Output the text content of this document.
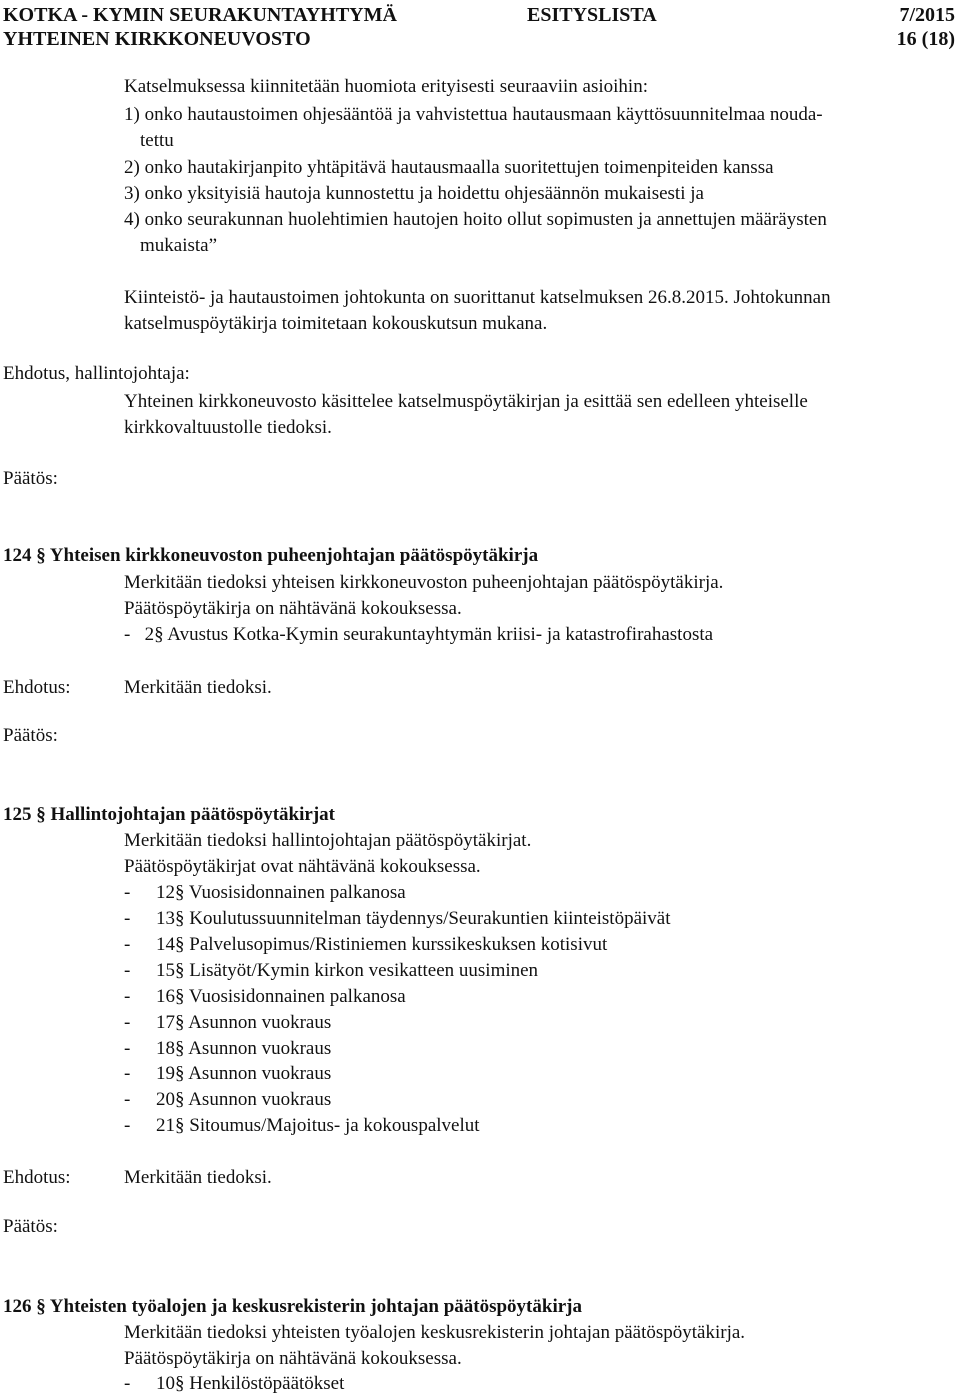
KOTKA - KYMIN SEURAKUNTAYHTYMÄ	ESITYSLISTA	7/2015
YHTEINEN KIRKKONEUVOSTO	16 (18)
Katselmuksessa kiinnitetään huomiota erityisesti seuraaviin asioihin:
1) onko hautaustoimen ohjesääntöä ja vahvistettua hautausmaan käyttösuunnitelmaa nouda-
tettu
2) onko hautakirjanpito yhtäpitävä hautausmaalla suoritettujen toimenpiteiden kanssa
3) onko yksityisiä hautoja kunnostettu ja hoidettu ohjesäännön mukaisesti ja
4) onko seurakunnan huolehtimien hautojen hoito ollut sopimusten ja annettujen määräysten
mukaista”
Kiinteistö- ja hautaustoimen johtokunta on suorittanut katselmuksen 26.8.2015. Johtokunnan
katselmuspöytäkirja toimitetaan kokouskutsun mukana.
Ehdotus, hallintojohtaja:
Yhteinen kirkkoneuvosto käsittelee katselmuspöytäkirjan ja esittää sen edelleen yhteiselle
kirkkovaltuustolle tiedoksi.
Päätös:
124 § Yhteisen kirkkoneuvoston puheenjohtajan päätöspöytäkirja
Merkitään tiedoksi yhteisen kirkkoneuvoston puheenjohtajan päätöspöytäkirja.
Päätöspöytäkirja on nähtävänä kokouksessa.
- 2§ Avustus Kotka-Kymin seurakuntayhtymän kriisi- ja katastrofirahastosta
Ehdotus:	Merkitään tiedoksi.
Päätös:
125 § Hallintojohtajan päätöspöytäkirjat
Merkitään tiedoksi hallintojohtajan päätöspöytäkirjat.
Päätöspöytäkirjat ovat nähtävänä kokouksessa.
- 12§ Vuosisidonnainen palkanosa
- 13§ Koulutussuunnitelman täydennys/Seurakuntien kiinteistöpäivät
- 14§ Palvelusopimus/Ristiniemen kurssikeskuksen kotisivut
- 15§ Lisätyöt/Kymin kirkon vesikatteen uusiminen
- 16§ Vuosisidonnainen palkanosa
- 17§ Asunnon vuokraus
- 18§ Asunnon vuokraus
- 19§ Asunnon vuokraus
- 20§ Asunnon vuokraus
- 21§ Sitoumus/Majoitus- ja kokouspalvelut
Ehdotus:	Merkitään tiedoksi.
Päätös:
126 § Yhteisten työalojen ja keskusrekisterin johtajan päätöspöytäkirja
Merkitään tiedoksi yhteisten työalojen keskusrekisterin johtajan päätöspöytäkirja.
Päätöspöytäkirja on nähtävänä kokouksessa.
- 10§ Henkilöstöpäätökset
